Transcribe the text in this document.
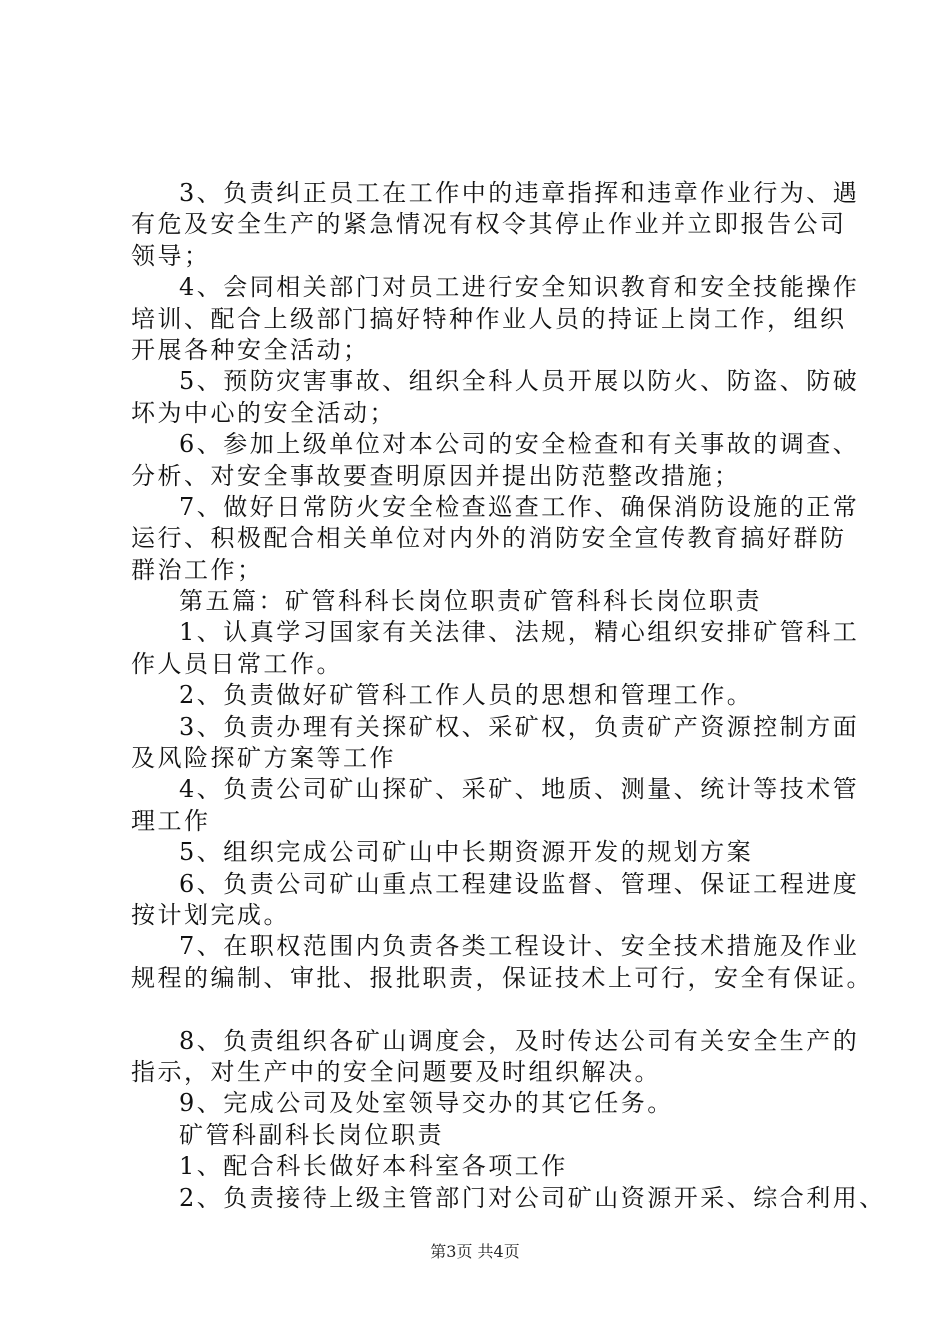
3、负责纠正员工在工作中的违章指挥和违章作业行为、遇
有危及安全生产的紧急情况有权令其停止作业并立即报告公司
领导；
4、会同相关部门对员工进行安全知识教育和安全技能操作
培训、配合上级部门搞好特种作业人员的持证上岗工作，组织
开展各种安全活动；
5、预防灾害事故、组织全科人员开展以防火、防盗、防破
坏为中心的安全活动；
6、参加上级单位对本公司的安全检查和有关事故的调查、
分析、对安全事故要查明原因并提出防范整改措施；
7、做好日常防火安全检查巡查工作、确保消防设施的正常
运行、积极配合相关单位对内外的消防安全宣传教育搞好群防
群治工作；
第五篇：矿管科科长岗位职责矿管科科长岗位职责
1、认真学习国家有关法律、法规，精心组织安排矿管科工
作人员日常工作。
2、负责做好矿管科工作人员的思想和管理工作。
3、负责办理有关探矿权、采矿权，负责矿产资源控制方面
及风险探矿方案等工作
4、负责公司矿山探矿、采矿、地质、测量、统计等技术管
理工作
5、组织完成公司矿山中长期资源开发的规划方案
6、负责公司矿山重点工程建设监督、管理、保证工程进度
按计划完成。
7、在职权范围内负责各类工程设计、安全技术措施及作业
规程的编制、审批、报批职责，保证技术上可行，安全有保证。
8、负责组织各矿山调度会，及时传达公司有关安全生产的
指示，对生产中的安全问题要及时组织解决。
9、完成公司及处室领导交办的其它任务。
矿管科副科长岗位职责
1、配合科长做好本科室各项工作
2、负责接待上级主管部门对公司矿山资源开采、综合利用、
第3页 共4页
